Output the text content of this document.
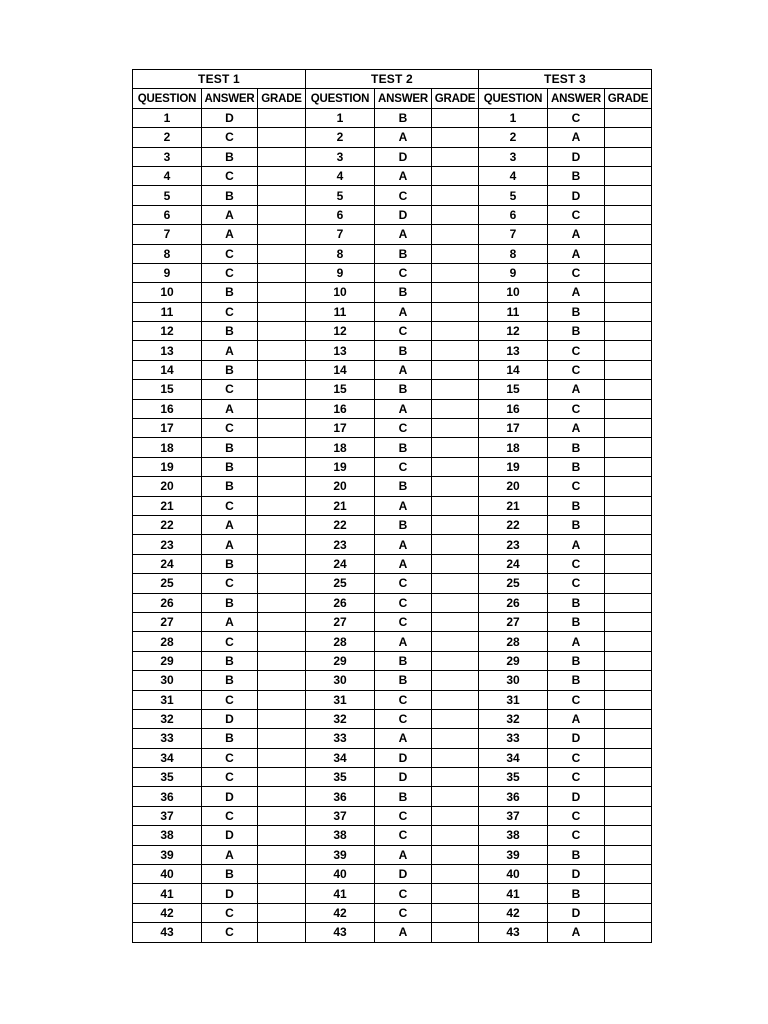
TEST 1			TEST 2			TEST 3		
QUESTION	ANSWER	GRADE	QUESTION	ANSWER	GRADE	QUESTION	ANSWER	GRADE
1	D		1	B		1	C	
2	C		2	A		2	A	
3	B		3	D		3	D	
4	C		4	A		4	B	
5	B		5	C		5	D	
6	A		6	D		6	C	
7	A		7	A		7	A	
8	C		8	B		8	A	
9	C		9	C		9	C	
10	B		10	B		10	A	
11	C		11	A		11	B	
12	B		12	C		12	B	
13	A		13	B		13	C	
14	B		14	A		14	C	
15	C		15	B		15	A	
16	A		16	A		16	C	
17	C		17	C		17	A	
18	B		18	B		18	B	
19	B		19	C		19	B	
20	B		20	B		20	C	
21	C		21	A		21	B	
22	A		22	B		22	B	
23	A		23	A		23	A	
24	B		24	A		24	C	
25	C		25	C		25	C	
26	B		26	C		26	B	
27	A		27	C		27	B	
28	C		28	A		28	A	
29	B		29	B		29	B	
30	B		30	B		30	B	
31	C		31	C		31	C	
32	D		32	C		32	A	
33	B		33	A		33	D	
34	C		34	D		34	C	
35	C		35	D		35	C	
36	D		36	B		36	D	
37	C		37	C		37	C	
38	D		38	C		38	C	
39	A		39	A		39	B	
40	B		40	D		40	D	
41	D		41	C		41	B	
42	C		42	C		42	D	
43	C		43	A		43	A	
